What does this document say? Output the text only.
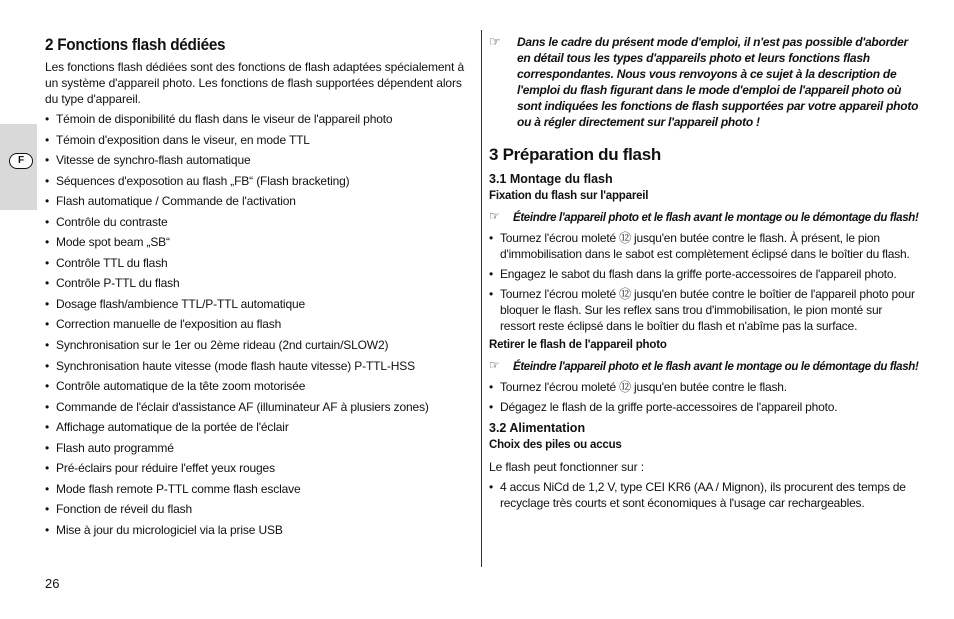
F
2 Fonctions flash dédiées
Les fonctions flash dédiées sont des fonctions de flash adaptées spécialement à un système d'appareil photo. Les fonctions de flash supportées dépendent alors du type d'appareil.
• Témoin de disponibilité du flash dans le viseur de l'appareil photo
• Témoin d'exposition dans le viseur, en mode TTL
• Vitesse de synchro-flash automatique
• Séquences d'exposotion au flash „FB“ (Flash bracketing)
• Flash automatique / Commande de l'activation
• Contrôle du contraste
• Mode spot beam „SB“
• Contrôle TTL du flash
• Contrôle P-TTL du flash
• Dosage flash/ambience TTL/P-TTL automatique
• Correction manuelle de l'exposition au flash
• Synchronisation sur le 1er ou 2ème rideau (2nd curtain/SLOW2)
• Synchronisation haute vitesse (mode flash haute vitesse) P-TTL-HSS
• Contrôle automatique de la tête zoom motorisée
• Commande de l'éclair d'assistance AF (illuminateur AF à plusiers zones)
• Affichage automatique de la portée de l'éclair
• Flash auto programmé
• Pré-éclairs pour réduire l'effet yeux rouges
• Mode flash remote P-TTL comme flash esclave
• Fonction de réveil du flash
• Mise à jour du micrologiciel via la prise USB
☞ Dans le cadre du présent mode d'emploi, il n'est pas possible d'aborder en détail tous les types d'appareils photo et leurs fonctions flash correspondantes. Nous vous renvoyons à ce sujet à la description de l'emploi du flash figurant dans le mode d'emploi de l'appareil photo où sont indiquées les fonctions de flash supportées par votre appareil photo ou à régler directement sur l'appareil photo !
3 Préparation du flash
3.1 Montage du flash
Fixation du flash sur l'appareil
☞ Éteindre l'appareil photo et le flash avant le montage ou le démontage du flash!
• Tournez l'écrou moleté ⑫ jusqu'en butée contre le flash. À présent, le pion d'immobilisation dans le sabot est complètement éclipsé dans le boîtier du flash.
• Engagez le sabot du flash dans la griffe porte-accessoires de l'appareil photo.
• Tournez l'écrou moleté ⑫ jusqu'en butée contre le boîtier de l'appareil photo pour bloquer le flash. Sur les reflex sans trou d'immobilisation, le pion monté sur ressort reste éclipsé dans le boîtier du flash et n'abîme pas la surface.
Retirer le flash de l'appareil photo
☞ Éteindre l'appareil photo et le flash avant le montage ou le démontage du flash!
• Tournez l'écrou moleté ⑫ jusqu'en butée contre le flash.
• Dégagez le flash de la griffe porte-accessoires de l'appareil photo.
3.2 Alimentation
Choix des piles ou accus
Le flash peut fonctionner sur :
• 4 accus NiCd de 1,2 V, type CEI KR6 (AA / Mignon), ils procurent des temps de recyclage très courts et sont économiques à l'usage car rechargeables.
26
